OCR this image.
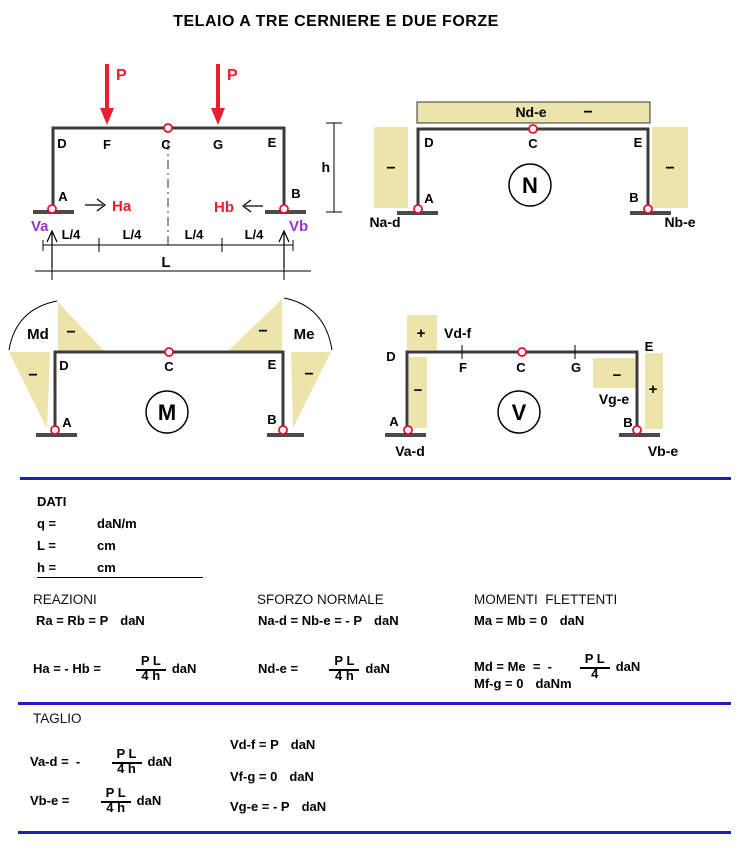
TELAIO A TRE CERNIERE E DUE FORZE
P	P
D	F	C	G	E
A	B
Ha	Hb
Va	Vb
L/4	L/4	L/4	L/4
L
h
Nd-e −
−	−
D	C	E
A	B
N
Na-d	Nb-e
−
−
−
−
Md	Me
D	C	E
A	B
M
+
−
−
+
Vd-f
Vg-e
D
F	C	G
E
A	B
V
Va-d	Vb-e
DATI
q =	daN/m
L =	cm
h =	cm
REAZIONI
Ra = Rb = P daN
Ha = - $Hb = \frac{\text{P L}}{4 h}$
daN
SFORZO NORMALE
Na-d = Nb-e = - P daN
$Nd-e = \frac{\text{P L}}{4 h}$
daN
MOMENTI  FLETTENTI
Ma = Mb = 0 daN
Md = Me  =  - $\frac{\text{P L}}{4}$
daN
Mf-g = 0 daNm
TAGLIO
Va-d =  - $\frac{\text{P L}}{4 h}$
daN
$Vb-e = \frac{\text{P L}}{4 h}$
daN
Vd-f = P daN
Vf-g = 0 daN
Vg-e = - P daN
